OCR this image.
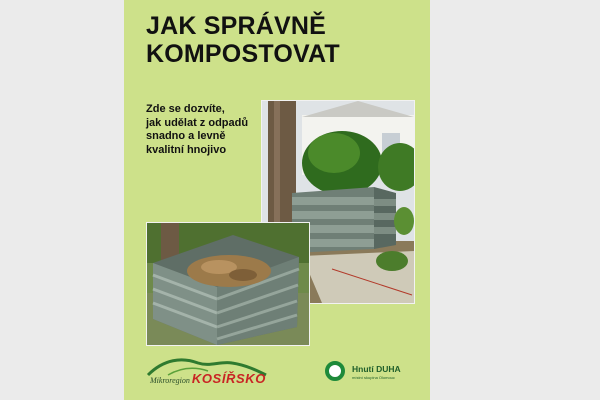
JAK SPRÁVNĚ
KOMPOSTOVAT
Zde se dozvíte,
jak udělat z odpadů
snadno a levně
kvalitní hnojivo
Mikroregion KOSÍŘSKO
Hnutí DUHA
místní skupina Olomouc
